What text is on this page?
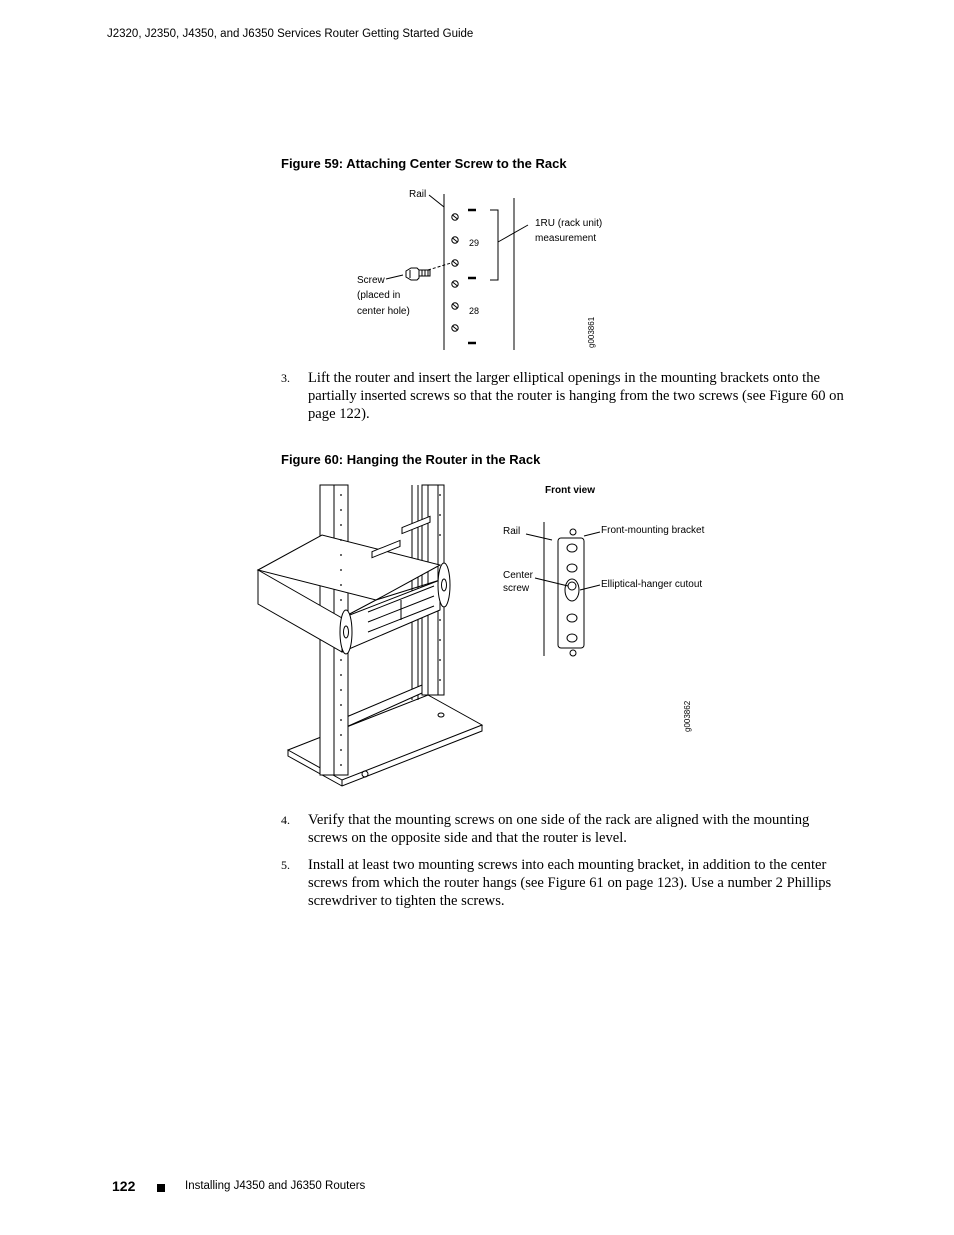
J2320, J2350, J4350, and J6350 Services Router Getting Started Guide
Figure 59: Attaching Center Screw to the Rack
Rail
29
28
1RU (rack unit)
measurement
Screw
(placed in
center hole)
g003861
3. Lift the router and insert the larger elliptical openings in the mounting brackets onto the partially inserted screws so that the router is hanging from the two screws (see Figure 60 on page 122).
Figure 60: Hanging the Router in the Rack
Front view
Rail	Front-mounting bracket
Center
screw	Elliptical-hanger cutout
g003862
4. Verify that the mounting screws on one side of the rack are aligned with the mounting screws on the opposite side and that the router is level.
5. Install at least two mounting screws into each mounting bracket, in addition to the center screws from which the router hangs (see Figure 61 on page 123). Use a number 2 Phillips screwdriver to tighten the screws.
122	Installing J4350 and J6350 Routers
